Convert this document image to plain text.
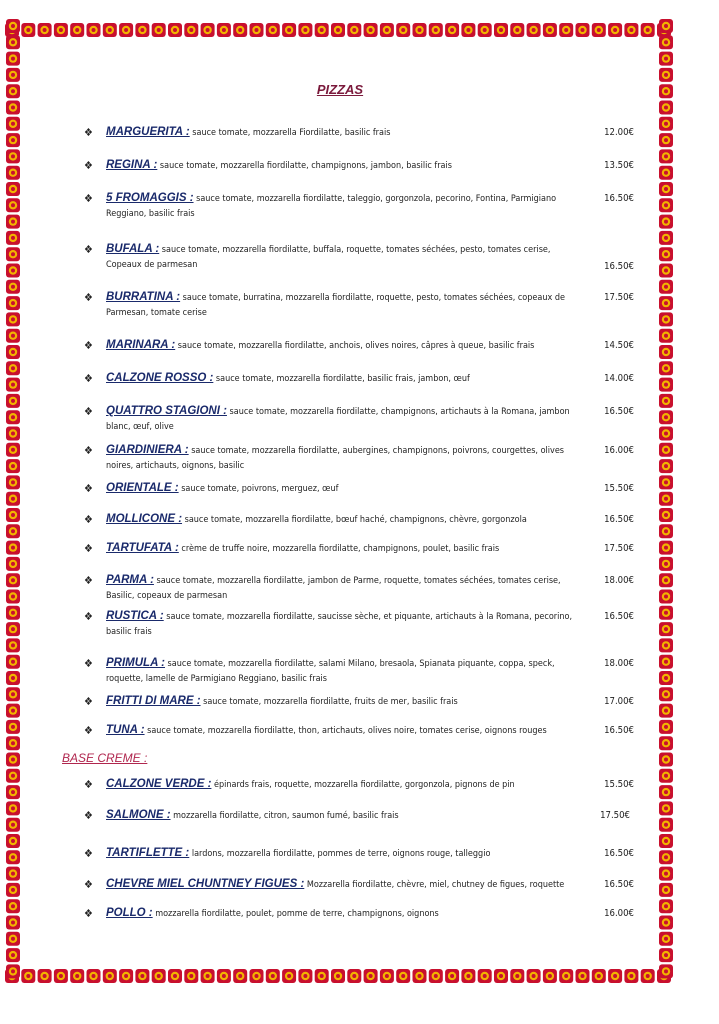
PIZZAS
❖	MARGUERITA : sauce tomate, mozzarella Fiordilatte, basilic frais	12.00€
❖	REGINA : sauce tomate, mozzarella fiordilatte, champignons, jambon, basilic frais	13.50€
❖	5 FROMAGGIS : sauce tomate, mozzarella fiordilatte, taleggio, gorgonzola, pecorino, Fontina, Parmigiano Reggiano, basilic frais
16.50€
❖	BUFALA : sauce tomate, mozzarella fiordilatte, buffala, roquette, tomates séchées, pesto, tomates cerise, Copeaux de parmesan	16.50€
❖	BURRATINA : sauce tomate, burratina, mozzarella fiordilatte, roquette, pesto, tomates séchées, copeaux de Parmesan, tomate cerise
17.50€
❖	MARINARA : sauce tomate, mozzarella fiordilatte, anchois, olives noires, câpres à queue, basilic frais	14.50€
❖	CALZONE ROSSO : sauce tomate, mozzarella fiordilatte, basilic frais, jambon, œuf	14.00€
❖	QUATTRO STAGIONI : sauce tomate, mozzarella fiordilatte, champignons, artichauts à la Romana, jambon blanc, œuf, olive
16.50€
❖	GIARDINIERA : sauce tomate, mozzarella fiordilatte, aubergines, champignons, poivrons, courgettes, olives noires, artichauts, oignons, basilic
16.00€
❖	ORIENTALE : sauce tomate, poivrons, merguez, œuf	15.50€
❖	MOLLICONE : sauce tomate, mozzarella fiordilatte, bœuf haché, champignons, chèvre, gorgonzola	16.50€
❖	TARTUFATA : crème de truffe noire, mozzarella fiordilatte, champignons, poulet, basilic frais	17.50€
❖	PARMA : sauce tomate, mozzarella fiordilatte, jambon de Parme, roquette, tomates séchées, tomates cerise, Basilic, copeaux de parmesan
18.00€
❖	RUSTICA : sauce tomate, mozzarella fiordilatte, saucisse sèche, et piquante, artichauts à la Romana, pecorino, basilic frais
16.50€
❖	PRIMULA : sauce tomate, mozzarella fiordilatte, salami Milano, bresaola, Spianata piquante, coppa, speck, roquette, lamelle de Parmigiano Reggiano, basilic frais
18.00€
❖	FRITTI DI MARE : sauce tomate, mozzarella fiordilatte, fruits de mer, basilic frais	17.00€
❖	TUNA : sauce tomate, mozzarella fiordilatte, thon, artichauts, olives noire, tomates cerise, oignons rouges	16.50€
BASE CREME :
❖	CALZONE VERDE : épinards frais, roquette, mozzarella fiordilatte, gorgonzola, pignons de pin	15.50€
❖	SALMONE : mozzarella fiordilatte, citron, saumon fumé, basilic frais	17.50€
❖	TARTIFLETTE : lardons, mozzarella fiordilatte, pommes de terre, oignons rouge, talleggio	16.50€
❖	CHEVRE MIEL CHUNTNEY FIGUES : Mozzarella fiordilatte, chèvre, miel, chutney de figues, roquette	16.50€
❖	POLLO : mozzarella fiordilatte, poulet, pomme de terre, champignons, oignons	16.00€
